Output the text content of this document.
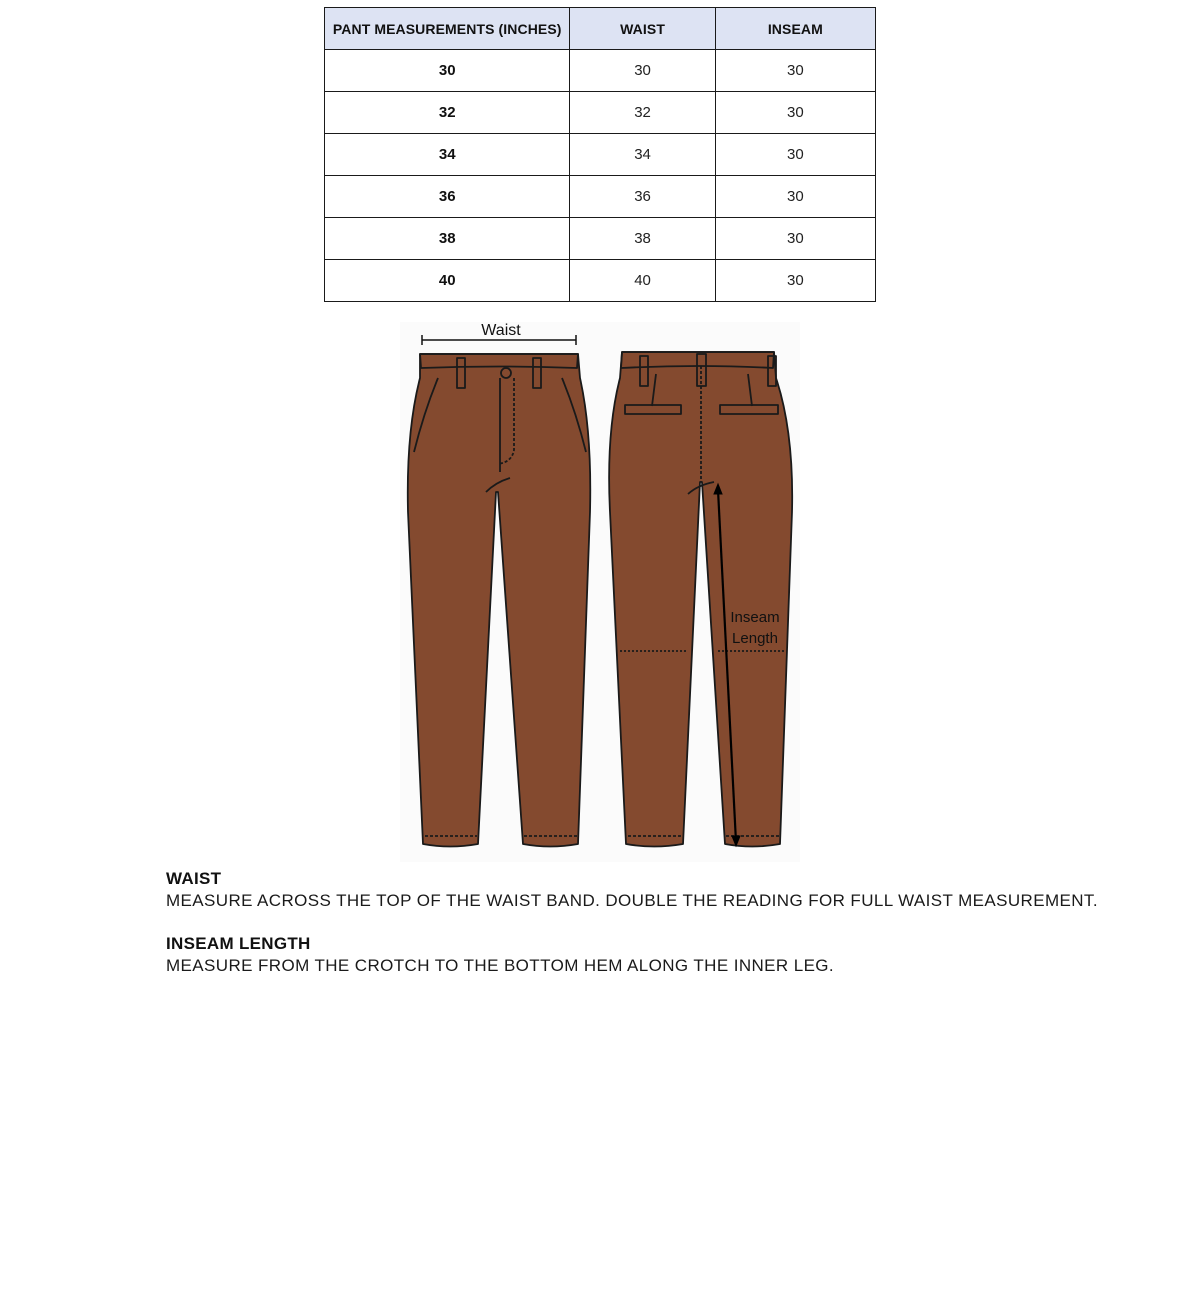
PANT MEASUREMENTS (INCHES)	WAIST	INSEAM
30	30	30
32	32	30
34	34	30
36	36	30
38	38	30
40	40	30
Waist
Inseam
Length

WAIST

MEASURE ACROSS THE TOP OF THE WAIST BAND. DOUBLE THE READING FOR FULL WAIST MEASUREMENT.

INSEAM LENGTH

MEASURE FROM THE CROTCH TO THE BOTTOM HEM ALONG THE INNER LEG.
